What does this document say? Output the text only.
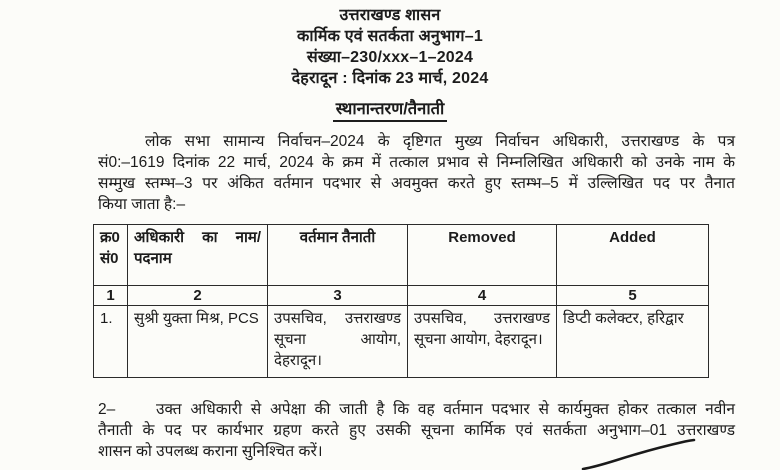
उत्तराखण्ड शासन
कार्मिक एवं सतर्कता अनुभाग–1
संख्या–230/xxx–1–2024
देहरादून : दिनांक 23 मार्च, 2024
स्थानान्तरण/तैनाती
लोक सभा सामान्य निर्वाचन–2024 के दृष्टिगत मुख्य निर्वाचन अधिकारी, उत्तराखण्ड के पत्र
सं0:–1619 दिनांक 22 मार्च, 2024 के क्रम में तत्काल प्रभाव से निम्नलिखित अधिकारी को उनके नाम के
सम्मुख स्तम्भ–3 पर अंकित वर्तमान पदभार से अवमुक्त करते हुए स्तम्भ–5 में उल्लिखित पद पर तैनात
किया जाता है:–
क्र0 सं0	अधिकारी का नाम/ पदनाम	वर्तमान तैनाती	Removed	Added
1	2	3	4	5
1.	सुश्री युक्ता मिश्र, PCS	उपसचिव, उत्तराखण्ड सूचना आयोग, देहरादून।	उपसचिव, उत्तराखण्ड सूचना आयोग, देहरादून।	डिप्टी कलेक्टर, हरिद्वार
2–	उक्त अधिकारी से अपेक्षा की जाती है कि वह वर्तमान पदभार से कार्यमुक्त होकर तत्काल नवीन
तैनाती के पद पर कार्यभार ग्रहण करते हुए उसकी सूचना कार्मिक एवं सतर्कता अनुभाग–01 उत्तराखण्ड
शासन को उपलब्ध कराना सुनिश्चित करें।
